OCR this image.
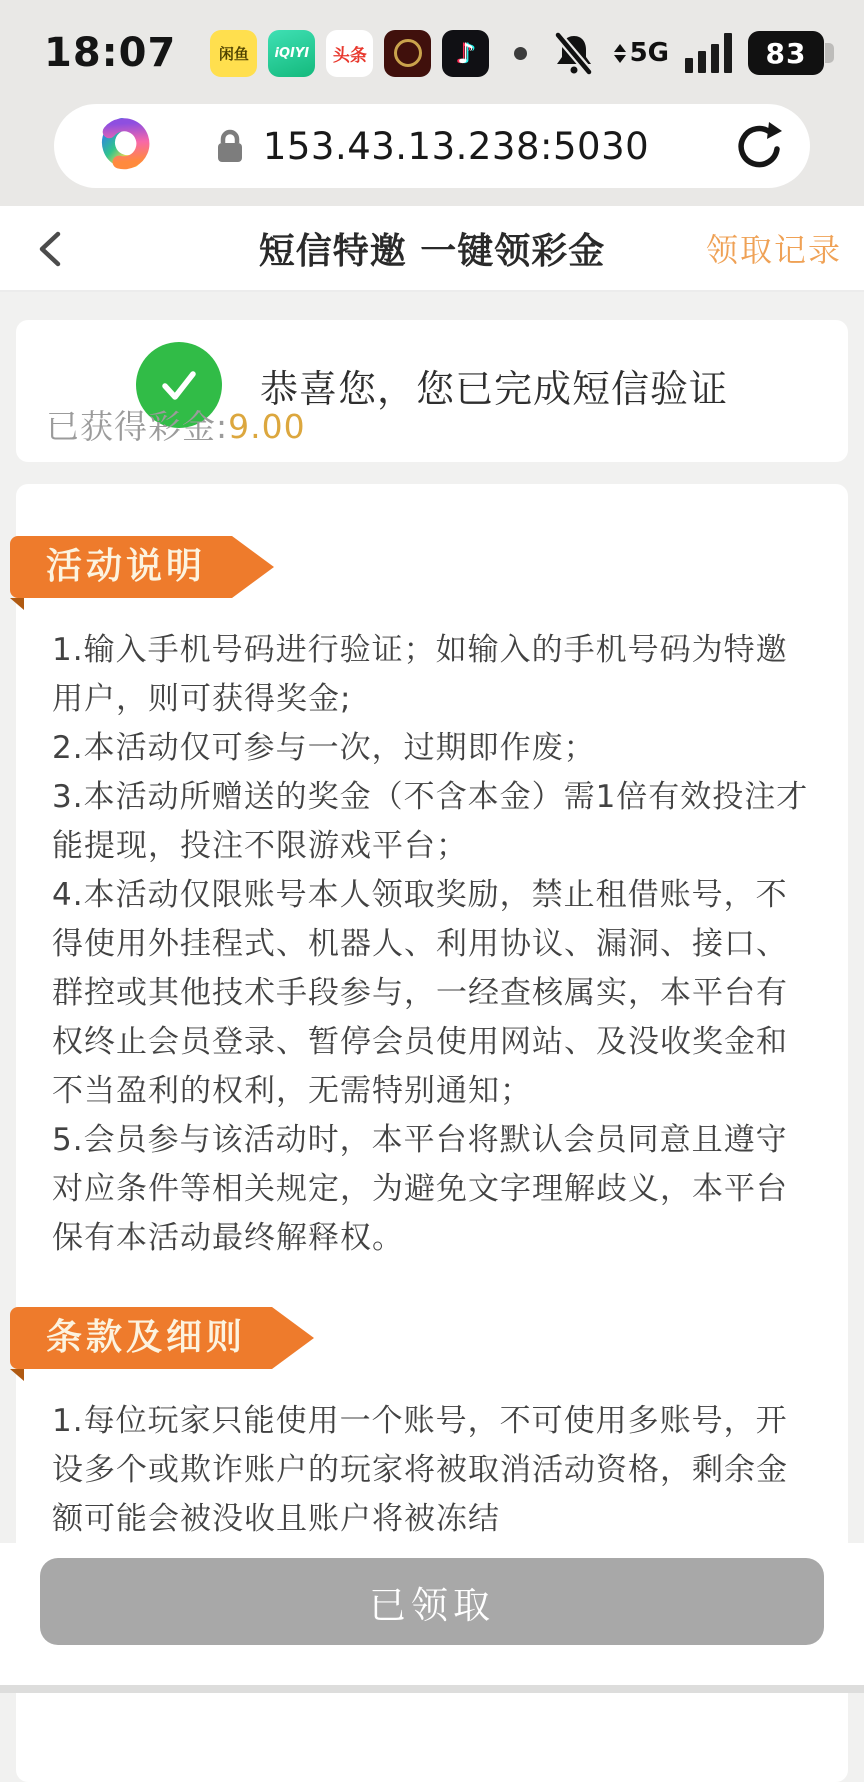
18:07	闲鱼 iQIYI 头条	♪	5G	83
153.43.13.238:5030
短信特邀 一键领彩金	领取记录
恭喜您，您已完成短信验证
已获得彩金:9.00
活动说明

1.输入手机号码进行验证；如输入的手机号码为特邀用户，则可获得奖金;

2.本活动仅可参与一次，过期即作废；

3.本活动所赠送的奖金（不含本金）需1倍有效投注才能提现，投注不限游戏平台；

4.本活动仅限账号本人领取奖励，禁止租借账号，不得使用外挂程式、机器人、利用协议、漏洞、接口、群控或其他技术手段参与，一经查核属实，本平台有权终止会员登录、暂停会员使用网站、及没收奖金和不当盈利的权利，无需特别通知；

5.会员参与该活动时，本平台将默认会员同意且遵守对应条件等相关规定，为避免文字理解歧义，本平台保有本活动最终解释权。

条款及细则

1.每位玩家只能使用一个账号，不可使用多账号，开设多个或欺诈账户的玩家将被取消活动资格，剩余金额可能会被没收且账户将被冻结

已领取
